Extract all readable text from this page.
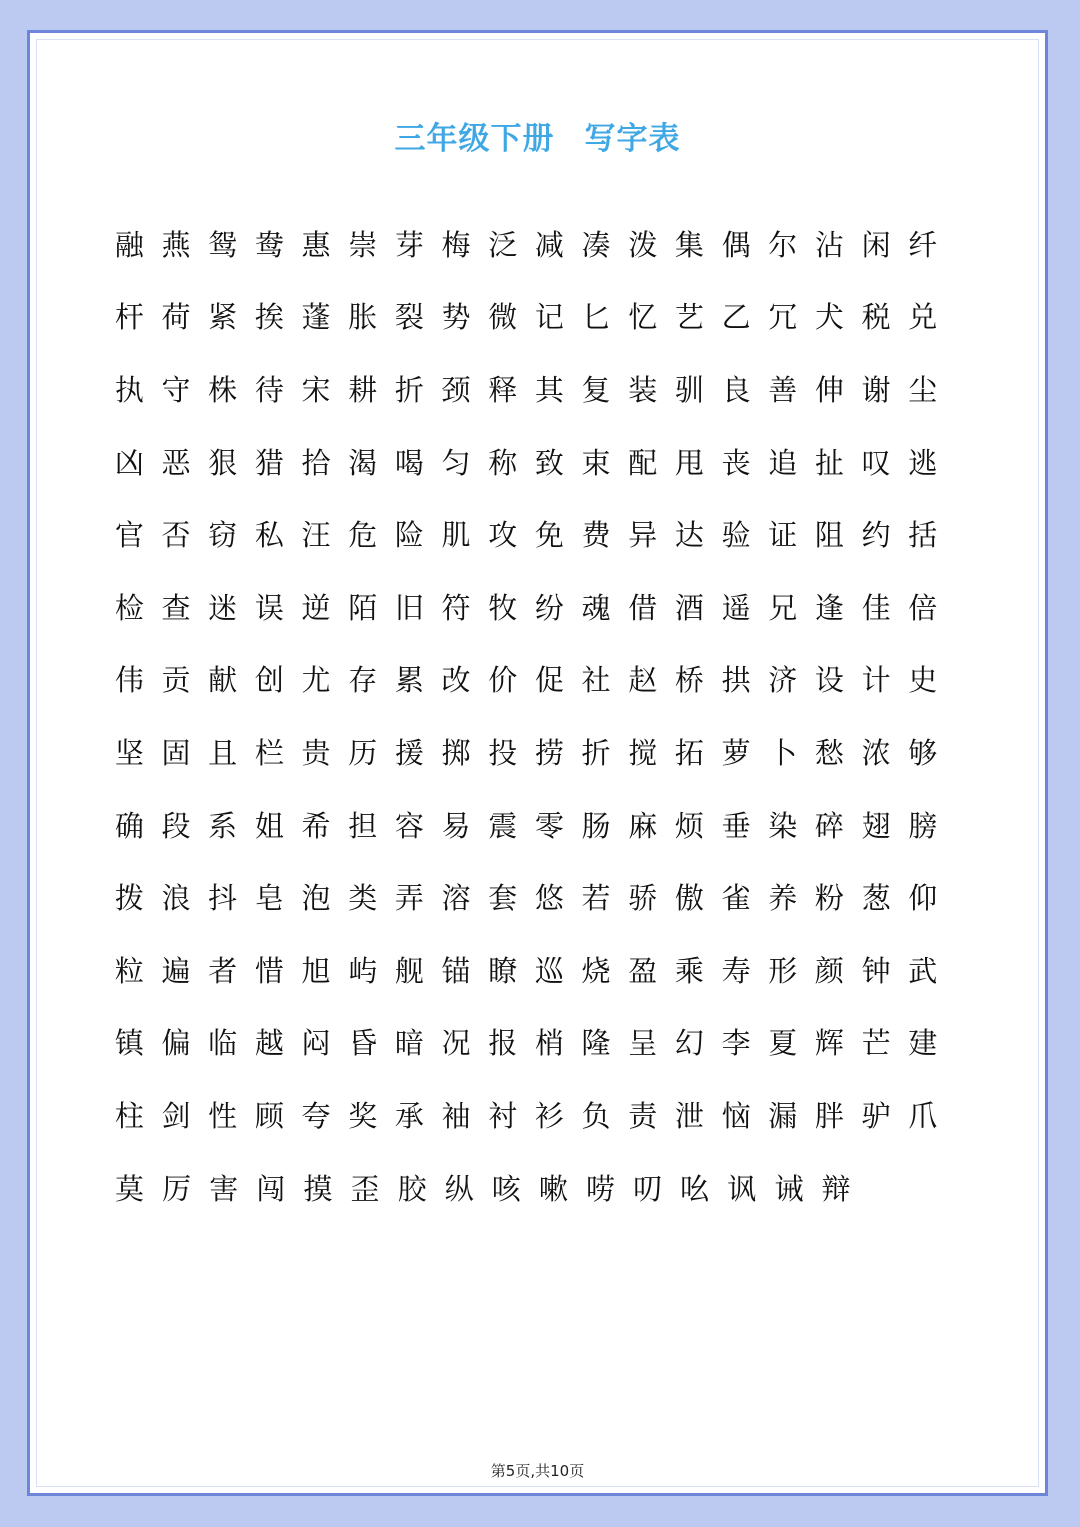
三年级下册 写字表
融 燕 鸳 鸯 惠 崇 芽 梅 泛 减 凑 泼 集 偶 尔 沾 闲 纤
杆 荷 紧 挨 蓬 胀 裂 势 微 记 匕 忆 艺 乙 冗 犬 税 兑
执 守 株 待 宋 耕 折 颈 释 其 复 装 驯 良 善 伸 谢 尘
凶 恶 狠 猎 拾 渴 喝 匀 称 致 束 配 甩 丧 追 扯 叹 逃
官 否 窃 私 汪 危 险 肌 攻 免 费 异 达 验 证 阻 约 括
检 查 迷 误 逆 陌 旧 符 牧 纷 魂 借 酒 遥 兄 逢 佳 倍
伟 贡 献 创 尤 存 累 改 价 促 社 赵 桥 拱 济 设 计 史
坚 固 且 栏 贵 历 援 掷 投 捞 折 搅 拓 萝 卜 愁 浓 够
确 段 系 姐 希 担 容 易 震 零 肠 麻 烦 垂 染 碎 翅 膀
拨 浪 抖 皂 泡 类 弄 溶 套 悠 若 骄 傲 雀 养 粉 葱 仰
粒 遍 者 惜 旭 屿 舰 锚 瞭 巡 烧 盈 乘 寿 形 颜 钟 武
镇 偏 临 越 闷 昏 暗 况 报 梢 隆 呈 幻 李 夏 辉 芒 建
柱 剑 性 顾 夸 奖 承 袖 衬 衫 负 责 泄 恼 漏 胖 驴 爪
莫 厉 害 闯 摸 歪 胶 纵 咳 嗽 唠 叨 吆 讽 诫 辩
第5页,共10页
